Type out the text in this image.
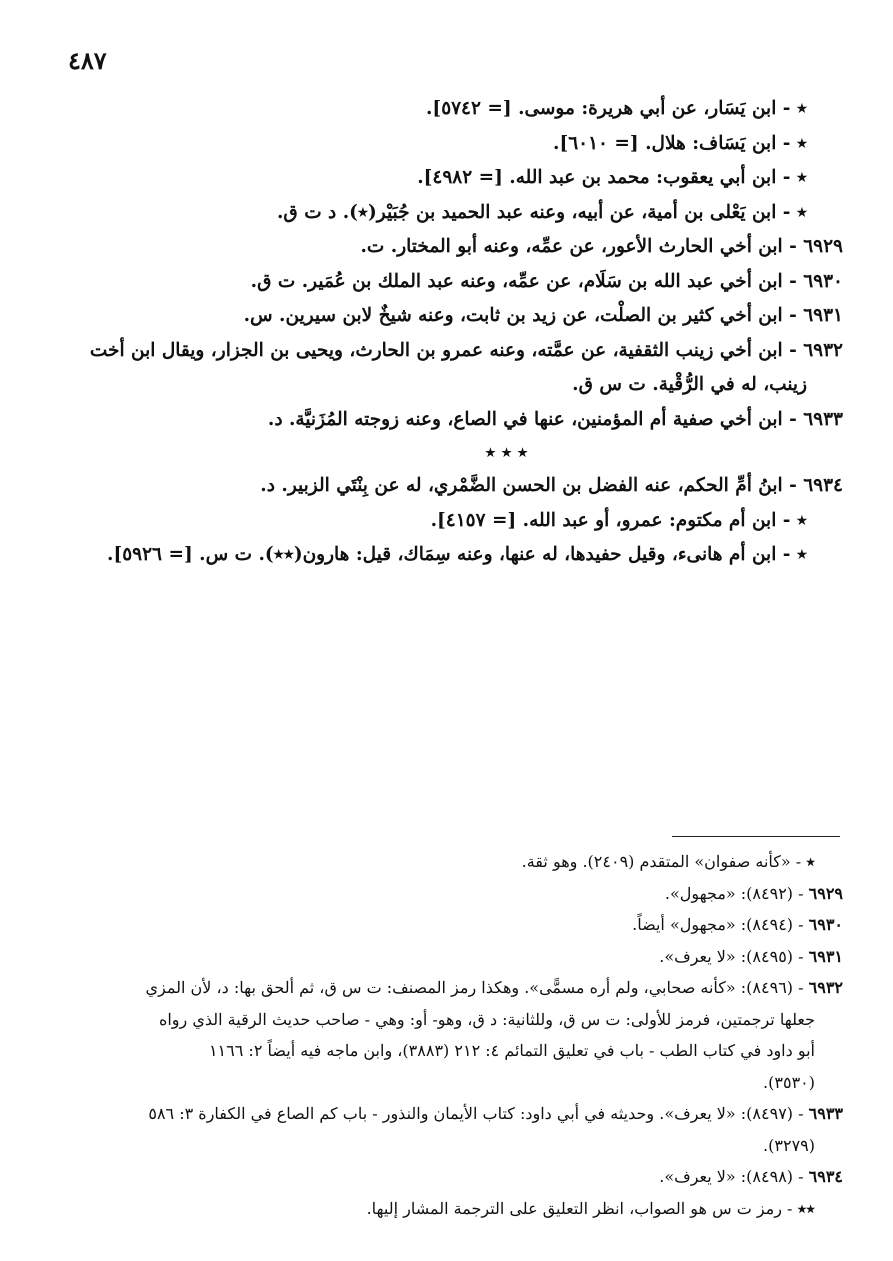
٤٨٧
٭ - ابن يَسَار، عن أبي هريرة: موسى. [= ٥٧٤٢].
٭ - ابن يَسَاف: هلال. [= ٦٠١٠].
٭ - ابن أبي يعقوب: محمد بن عبد الله. [= ٤٩٨٢].
٭ - ابن يَعْلى بن أمية، عن أبيه، وعنه عبد الحميد بن جُبَيْر(٭). د ت ق.
٦٩٢٩ - ابن أخي الحارث الأعور، عن عمِّه، وعنه أبو المختار. ت.
٦٩٣٠ - ابن أخي عبد الله بن سَلَام، عن عمِّه، وعنه عبد الملك بن عُمَير. ت ق.
٦٩٣١ - ابن أخي كثير بن الصلْت، عن زيد بن ثابت، وعنه شيخٌ لابن سيرين. س.
٦٩٣٢ - ابن أخي زينب الثقفية، عن عمَّته، وعنه عمرو بن الحارث، ويحيى بن الجزار، ويقال ابن أخت
زينب، له في الرُّقْية. ت س ق.
٦٩٣٣ - ابن أخي صفية أم المؤمنين، عنها في الصاع، وعنه زوجته المُزَنيَّة. د.
٭ ٭ ٭
٦٩٣٤ - ابنُ أمِّ الحكم، عنه الفضل بن الحسن الضَّمْري، له عن بِنْتَي الزبير. د.
٭ - ابن أم مكتوم: عمرو، أو عبد الله. [= ٤١٥٧].
٭ - ابن أم هانىء، وقيل حفيدها، له عنها، وعنه سِمَاك، قيل: هارون(٭٭). ت س. [= ٥٩٢٦].
٭ - «كأنه صفوان» المتقدم (٢٤٠٩). وهو ثقة.
٦٩٢٩ - (٨٤٩٢): «مجهول».
٦٩٣٠ - (٨٤٩٤): «مجهول» أيضاً.
٦٩٣١ - (٨٤٩٥): «لا يعرف».
٦٩٣٢ - (٨٤٩٦): «كأنه صحابي، ولم أره مسمًّى». وهكذا رمز المصنف: ت س ق، ثم ألحق بها: د، لأن المزي
جعلها ترجمتين، فرمز للأولى: ت س ق، وللثانية: د ق، وهو- أو: وهي - صاحب حديث الرقية الذي رواه
أبو داود في كتاب الطب - باب في تعليق التمائم ٤: ٢١٢ (٣٨٨٣)، وابن ماجه فيه أيضاً ٢: ١١٦٦
(٣٥٣٠).
٦٩٣٣ - (٨٤٩٧): «لا يعرف». وحديثه في أبي داود: كتاب الأيمان والنذور - باب كم الصاع في الكفارة ٣: ٥٨٦
(٣٢٧٩).
٦٩٣٤ - (٨٤٩٨): «لا يعرف».
٭٭ - رمز ت س هو الصواب، انظر التعليق على الترجمة المشار إليها.
